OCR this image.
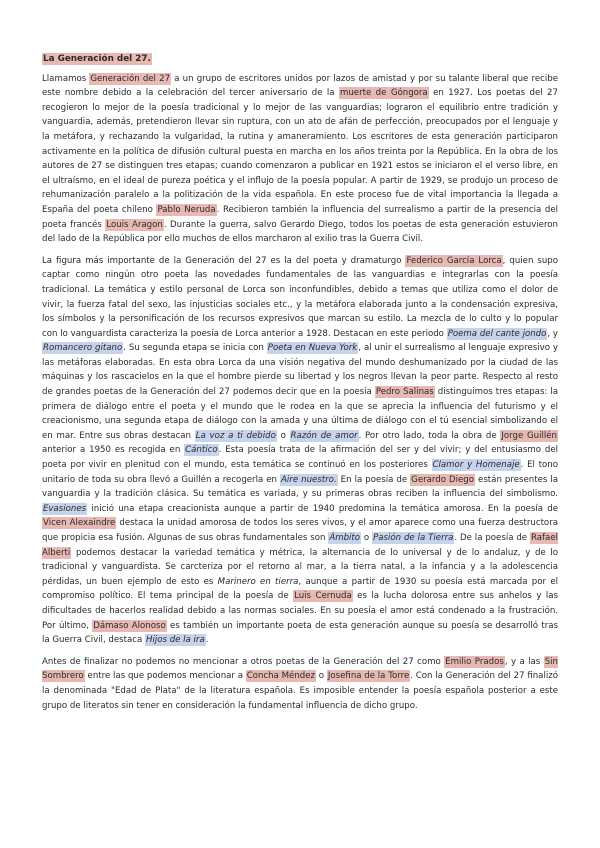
La Generación del 27.

Llamamos Generación del 27 a un grupo de escritores unidos por lazos de amistad y por su talante liberal que recibe este nombre debido a la celebración del tercer aniversario de la muerte de Góngora en 1927. Los poetas del 27 recogieron lo mejor de la poesía tradicional y lo mejor de las vanguardias; lograron el equilibrio entre tradición y vanguardia, además, pretendieron llevar sin ruptura, con un ato de afán de perfección, preocupados por el lenguaje y la metáfora, y rechazando la vulgaridad, la rutina y amaneramiento. Los escritores de esta generación participaron activamente en la política de difusión cultural puesta en marcha en los años treinta por la República. En la obra de los autores de 27 se distinguen tres etapas; cuando comenzaron a publicar en 1921 estos se iniciaron el el verso libre, en el ultraísmo, en el ideal de pureza poética y el influjo de la poesía popular. A partir de 1929, se produjo un proceso de rehumanización paralelo a la politización de la vida española. En este proceso fue de vital importancia la llegada a España del poeta chileno Pablo Neruda. Recibieron también la influencia del surrealismo a partir de la presencia del poeta francés Louis Aragon. Durante la guerra, salvo Gerardo Diego, todos los poetas de esta generación estuvieron del lado de la República por ello muchos de ellos marcharon al exilio tras la Guerra Civil.

La figura más importante de la Generación del 27 es la del poeta y dramaturgo Federico García Lorca, quien supo captar como ningún otro poeta las novedades fundamentales de las vanguardias e integrarlas con la poesía tradicional. La temática y estilo personal de Lorca son inconfundibles, debido a temas que utiliza como el dolor de vivir, la fuerza fatal del sexo, las injusticias sociales etc., y la metáfora elaborada junto a la condensación expresiva, los símbolos y la personificación de los recursos expresivos que marcan su estilo. La mezcla de lo culto y lo popular con lo vanguardista caracteriza la poesía de Lorca anterior a 1928. Destacan en este periodo Poema del cante jondo, y Romancero gitano. Su segunda etapa se inicia con Poeta en Nueva York, al unir el surrealismo al lenguaje expresivo y las metáforas elaboradas. En esta obra Lorca da una visión negativa del mundo deshumanizado por la ciudad de las máquinas y los rascacielos en la que el hombre pierde su libertad y los negros llevan la peor parte. Respecto al resto de grandes poetas de la Generación del 27 podemos decir que en la poesía Pedro Salinas distinguimos tres etapas: la primera de diálogo entre el poeta y el mundo que le rodea en la que se aprecia la influencia del futurismo y el creacionismo, una segunda etapa de diálogo con la amada y una última de diálogo con el tú esencial simbolizando el en mar. Entre sus obras destacan La voz a ti debido o Razón de amor. Por otro lado, toda la obra de Jorge Guillén anterior a 1950 es recogida en Cántico. Esta poesía trata de la afirmación del ser y del vivir; y del entusiasmo del poeta por vivir en plenitud con el mundo, esta temática se continuó en los posteriores Clamor y Homenaje. El tono unitario de toda su obra llevó a Guillén a recogerla en Aire nuestro. En la poesía de Gerardo Diego están presentes la vanguardia y la tradición clásica. Su temática es variada, y su primeras obras reciben la influencia del simbolismo. Evasiones inició una etapa creacionista aunque a partir de 1940 predomina la temática amorosa. En la poesía de Vicen Alexaindre destaca la unidad amorosa de todos los seres vivos, y el amor aparece como una fuerza destructora que propicia esa fusión. Algunas de sus obras fundamentales son Ámbito o Pasión de la Tierra. De la poesía de Rafael Alberti podemos destacar la variedad temática y métrica, la alternancia de lo universal y de lo andaluz, y de lo tradicional y vanguardista. Se carcteriza por el retorno al mar, a la tierra natal, a la infancia y a la adolescencia pérdidas, un buen ejemplo de esto es Marinero en tierra, aunque a partir de 1930 su poesía está marcada por el compromiso político. El tema principal de la poesía de Luis Cernuda es la lucha dolorosa entre sus anhelos y las dificultades de hacerlos realidad debido a las normas sociales. En su poesía el amor está condenado a la frustración. Por último, Dámaso Alonoso es también un importante poeta de esta generación aunque su poesía se desarrolló tras la Guerra Civil, destaca Hijos de la ira.

Antes de finalizar no podemos no mencionar a otros poetas de la Generación del 27 como Emilio Prados, y a las Sin Sombrero entre las que podemos mencionar a Concha Méndez o Josefina de la Torre. Con la Generación del 27 finalizó la denominada "Edad de Plata" de la literatura española. Es imposible entender la poesía española posterior a este grupo de literatos sin tener en consideración la fundamental influencia de dicho grupo.
